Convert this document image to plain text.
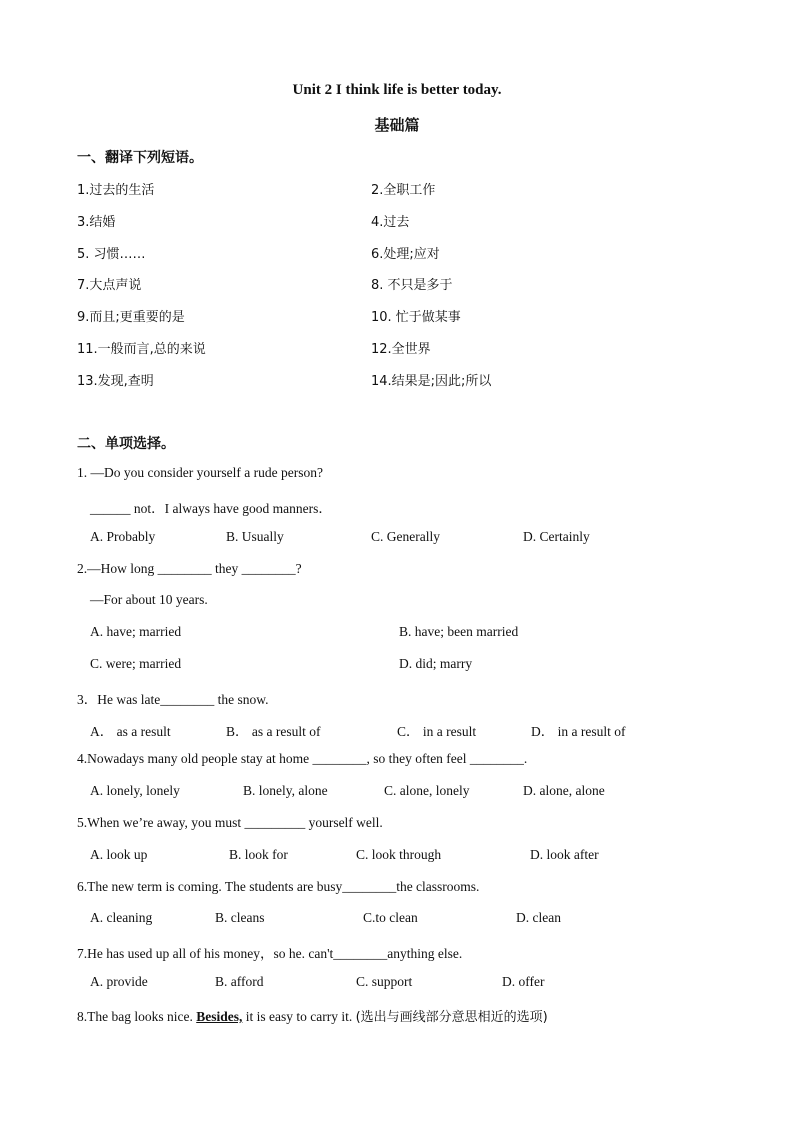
Unit 2 I think life is better today.
基础篇
一、翻译下列短语。
1.过去的生活	2.全职工作
3.结婚	4.过去
5. 习惯……	6.处理;应对
7.大点声说	8. 不只是多于
9.而且;更重要的是	10. 忙于做某事
11.一般而言,总的来说	12.全世界
13.发现,查明	14.结果是;因此;所以
二、单项选择。
1. —Do you consider yourself a rude person?
______ not．I always have good manners．
A. Probably	B. Usually	C. Generally	D. Certainly
2.—How long ________ they ________?
—For about 10 years.
A. have; married	B. have; been married
C. were; married	D. did; marry
3．He was late________ the snow.
A． as a result	B． as a result of	C． in a result	D． in a result of
4.Nowadays many old people stay at home ________, so they often feel ________.
A. lonely, lonely	B. lonely, alone	C. alone, lonely	D. alone, alone
5.When we’re away, you must _________ yourself well.
A. look up	B. look for	C. look through	D. look after
6.The new term is coming. The students are busy________the classrooms.
A. cleaning	B. cleans	C.to clean	D. clean
7.He has used up all of his money，so he. can't________anything else.
A. provide	B. afford	C. support	D. offer
8.The bag looks nice. Besides, it is easy to carry it. (选出与画线部分意思相近的选项)
